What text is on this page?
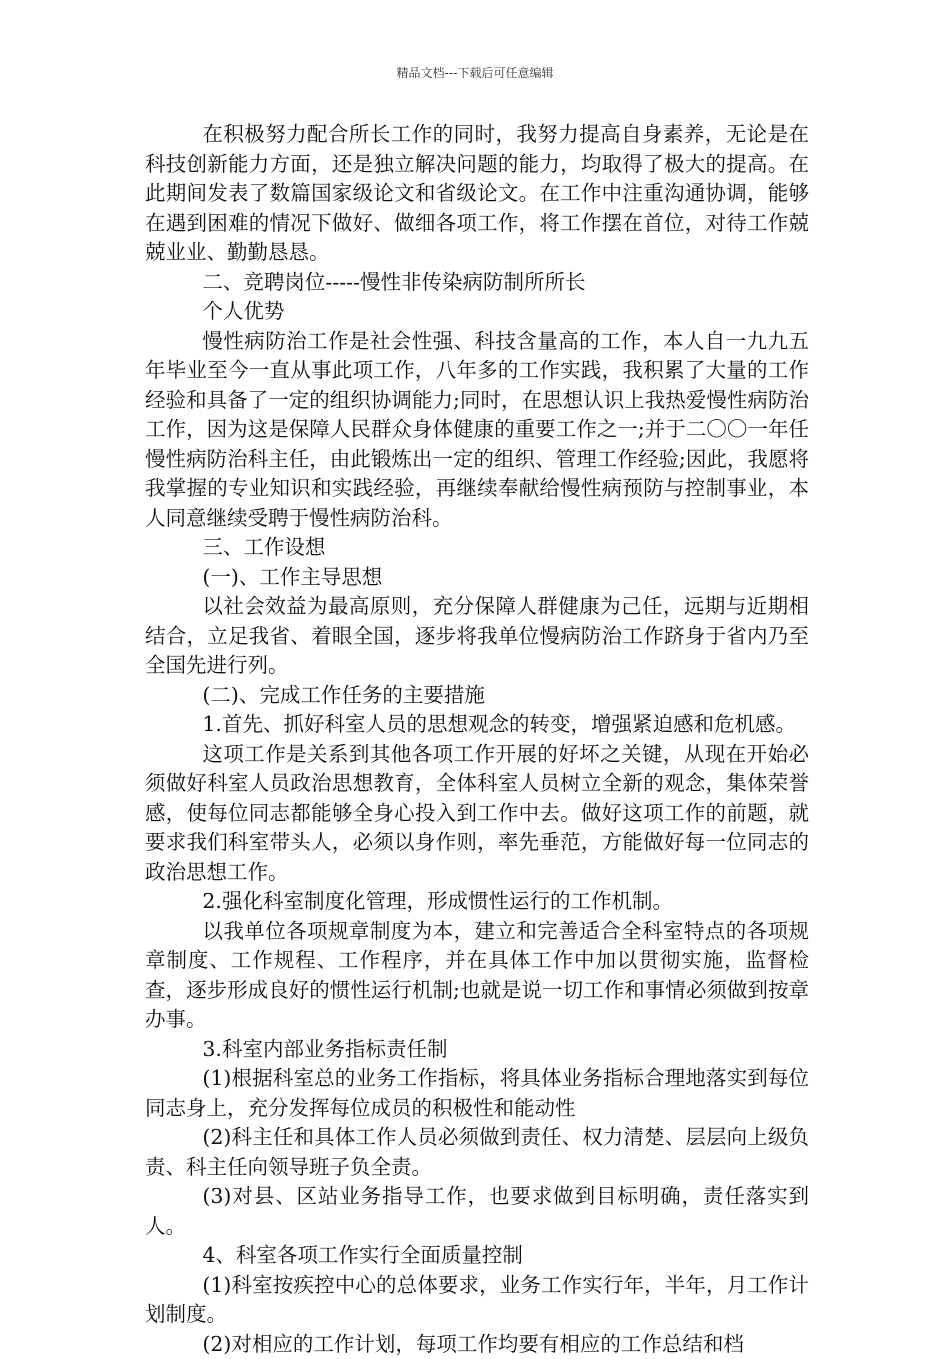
精品文档---下载后可任意编辑

在积极努力配合所长工作的同时，我努力提高自身素养，无论是在科技创新能力方面，还是独立解决问题的能力，均取得了极大的提高。在此期间发表了数篇国家级论文和省级论文。在工作中注重沟通协调，能够在遇到困难的情况下做好、做细各项工作，将工作摆在首位，对待工作兢兢业业、勤勤恳恳。

二、竞聘岗位-----慢性非传染病防制所所长

个人优势

慢性病防治工作是社会性强、科技含量高的工作，本人自一九九五年毕业至今一直从事此项工作，八年多的工作实践，我积累了大量的工作经验和具备了一定的组织协调能力;同时，在思想认识上我热爱慢性病防治工作，因为这是保障人民群众身体健康的重要工作之一;并于二〇〇一年任慢性病防治科主任，由此锻炼出一定的组织、管理工作经验;因此，我愿将我掌握的专业知识和实践经验，再继续奉献给慢性病预防与控制事业，本人同意继续受聘于慢性病防治科。

三、工作设想

(一)、工作主导思想

以社会效益为最高原则，充分保障人群健康为己任，远期与近期相结合，立足我省、着眼全国，逐步将我单位慢病防治工作跻身于省内乃至全国先进行列。

(二)、完成工作任务的主要措施

1.首先、抓好科室人员的思想观念的转变，增强紧迫感和危机感。

这项工作是关系到其他各项工作开展的好坏之关键，从现在开始必须做好科室人员政治思想教育，全体科室人员树立全新的观念，集体荣誉感，使每位同志都能够全身心投入到工作中去。做好这项工作的前题，就要求我们科室带头人，必须以身作则，率先垂范，方能做好每一位同志的政治思想工作。

2.强化科室制度化管理，形成惯性运行的工作机制。

以我单位各项规章制度为本，建立和完善适合全科室特点的各项规章制度、工作规程、工作程序，并在具体工作中加以贯彻实施，监督检查，逐步形成良好的惯性运行机制;也就是说一切工作和事情必须做到按章办事。

3.科室内部业务指标责任制

(1)根据科室总的业务工作指标，将具体业务指标合理地落实到每位同志身上，充分发挥每位成员的积极性和能动性

(2)科主任和具体工作人员必须做到责任、权力清楚、层层向上级负责、科主任向领导班子负全责。

(3)对县、区站业务指导工作，也要求做到目标明确，责任落实到人。

4、科室各项工作实行全面质量控制

(1)科室按疾控中心的总体要求，业务工作实行年，半年，月工作计划制度。

(2)对相应的工作计划，每项工作均要有相应的工作总结和档
